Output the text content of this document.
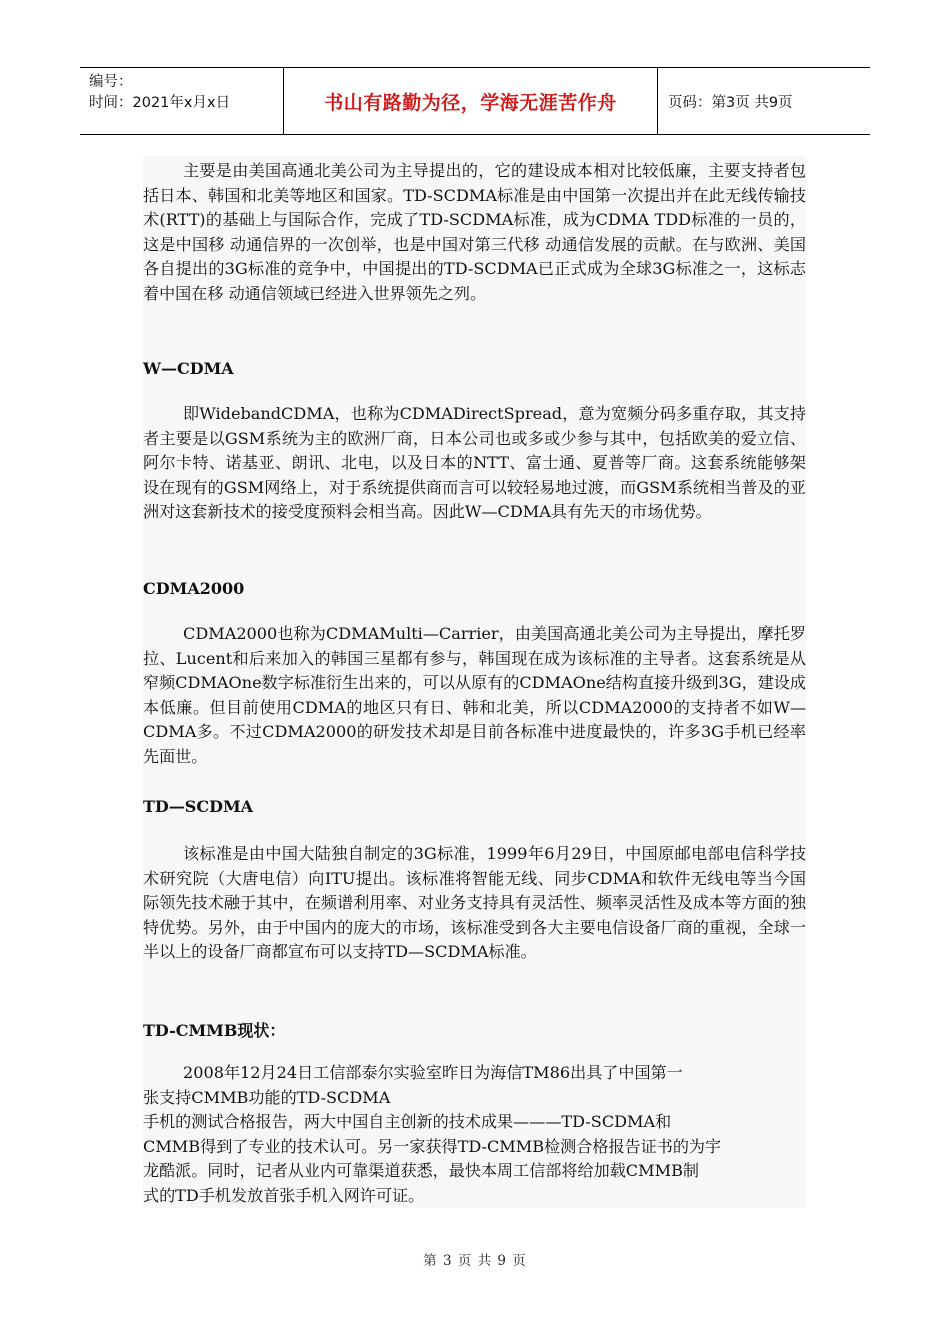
编号：
时间：2021年x月x日	书山有路勤为径，学海无涯苦作舟	页码：第3页 共9页

主要是由美国高通北美公司为主导提出的，它的建设成本相对比较低廉，主要支持者包括日本、韩国和北美等地区和国家。TD-SCDMA标准是由中国第一次提出并在此无线传输技术(RTT)的基础上与国际合作，完成了TD-SCDMA标准，成为CDMA TDD标准的一员的，这是中国移 动通信界的一次创举，也是中国对第三代移 动通信发展的贡献。在与欧洲、美国各自提出的3G标准的竞争中，中国提出的TD-SCDMA已正式成为全球3G标准之一，这标志着中国在移 动通信领域已经进入世界领先之列。

W—CDMA

即WidebandCDMA，也称为CDMADirectSpread，意为宽频分码多重存取，其支持者主要是以GSM系统为主的欧洲厂商，日本公司也或多或少参与其中，包括欧美的爱立信、阿尔卡特、诺基亚、朗讯、北电，以及日本的NTT、富士通、夏普等厂商。这套系统能够架设在现有的GSM网络上，对于系统提供商而言可以较轻易地过渡，而GSM系统相当普及的亚洲对这套新技术的接受度预料会相当高。因此W—CDMA具有先天的市场优势。

CDMA2000

CDMA2000也称为CDMAMulti—Carrier，由美国高通北美公司为主导提出，摩托罗拉、Lucent和后来加入的韩国三星都有参与，韩国现在成为该标准的主导者。这套系统是从窄频CDMAOne数字标准衍生出来的，可以从原有的CDMAOne结构直接升级到3G，建设成本低廉。但目前使用CDMA的地区只有日、韩和北美，所以CDMA2000的支持者不如W—CDMA多。不过CDMA2000的研发技术却是目前各标准中进度最快的，许多3G手机已经率先面世。

TD—SCDMA

该标准是由中国大陆独自制定的3G标准，1999年6月29日，中国原邮电部电信科学技术研究院（大唐电信）向ITU提出。该标准将智能无线、同步CDMA和软件无线电等当今国际领先技术融于其中，在频谱利用率、对业务支持具有灵活性、频率灵活性及成本等方面的独特优势。另外，由于中国内的庞大的市场，该标准受到各大主要电信设备厂商的重视，全球一半以上的设备厂商都宣布可以支持TD—SCDMA标准。

TD-CMMB现状：

2008年12月24日工信部泰尔实验室昨日为海信TM86出具了中国第一
张支持CMMB功能的TD-SCDMA
手机的测试合格报告，两大中国自主创新的技术成果———TD-SCDMA和
CMMB得到了专业的技术认可。另一家获得TD-CMMB检测合格报告证书的为宇
龙酷派。同时，记者从业内可靠渠道获悉，最快本周工信部将给加载CMMB制
式的TD手机发放首张手机入网许可证。
第 3 页 共 9 页
